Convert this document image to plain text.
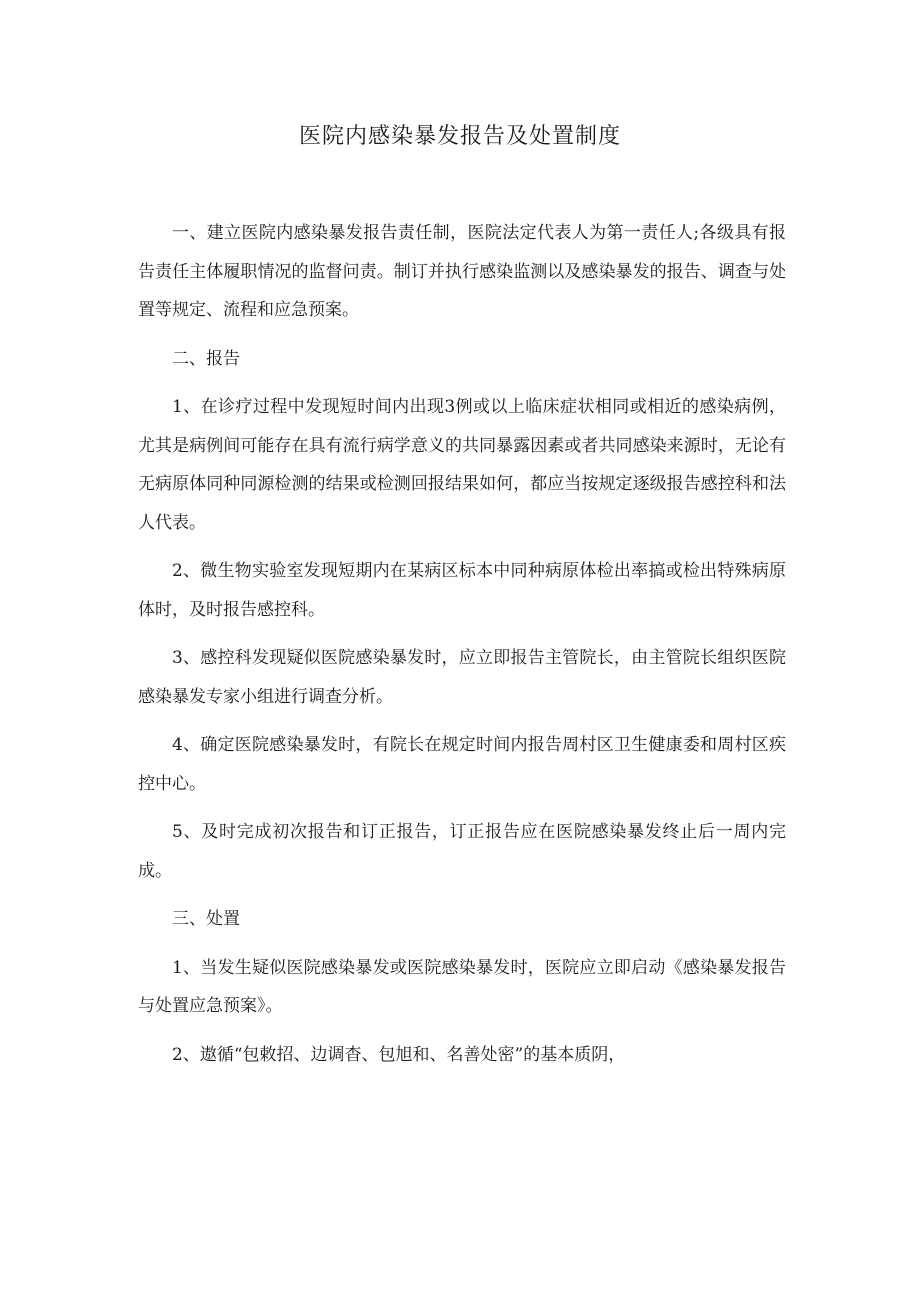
医院内感染暴发报告及处置制度

一、建立医院内感染暴发报告责任制，医院法定代表人为第一责任人;各级具有报告责任主体履职情况的监督问责。制订并执行感染监测以及感染暴发的报告、调查与处置等规定、流程和应急预案。

二、报告

1、在诊疗过程中发现短时间内出现3例或以上临床症状相同或相近的感染病例，尤其是病例间可能存在具有流行病学意义的共同暴露因素或者共同感染来源时，无论有无病原体同种同源检测的结果或检测回报结果如何，都应当按规定逐级报告感控科和法人代表。

2、微生物实验室发现短期内在某病区标本中同种病原体检出率搞或检出特殊病原体时，及时报告感控科。

3、感控科发现疑似医院感染暴发时，应立即报告主管院长，由主管院长组织医院感染暴发专家小组进行调查分析。

4、确定医院感染暴发时，有院长在规定时间内报告周村区卫生健康委和周村区疾控中心。

5、及时完成初次报告和订正报告，订正报告应在医院感染暴发终止后一周内完成。

三、处置

1、当发生疑似医院感染暴发或医院感染暴发时，医院应立即启动《感染暴发报告与处置应急预案》。

2、遨循“包敕招、边调杳、包旭和、名善处密”的基本质阴，
